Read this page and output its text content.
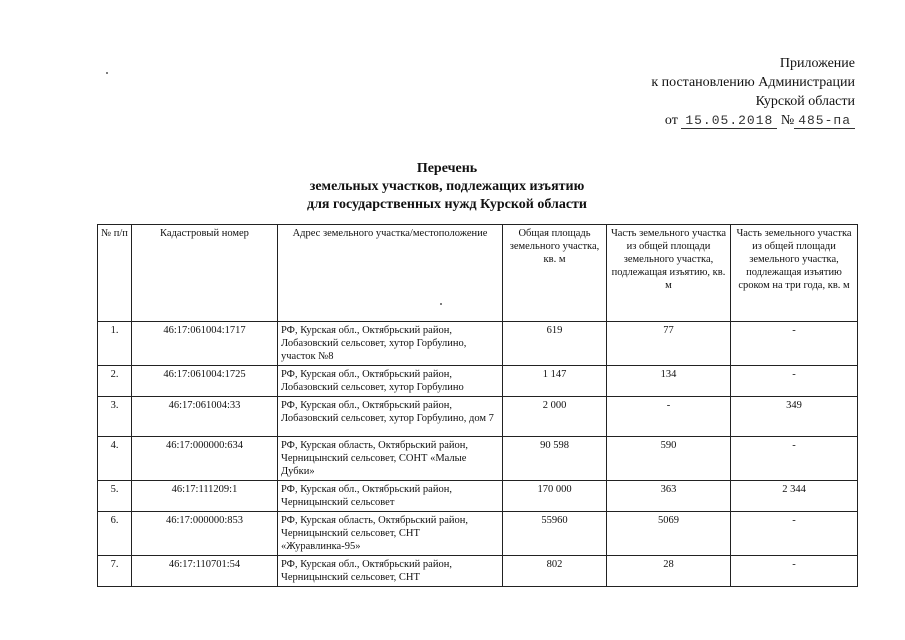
Приложение
к постановлению Администрации
Курской области
от 15.05.2018 № 485-па
Перечень
земельных участков, подлежащих изъятию
для государственных нужд Курской области
№ п/п	Кадастровый номер	Адрес земельного участка/местоположение	Общая площадь земельного участка, кв. м	Часть земельного участка из общей площади земельного участка, подлежащая изъятию, кв. м	Часть земельного участка из общей площади земельного участка, подлежащая изъятию сроком на три года, кв. м
1.	46:17:061004:1717	РФ, Курская обл., Октябрьский район, Лобазовский сельсовет, хутор Горбулино, участок №8	619	77	-
2.	46:17:061004:1725	РФ, Курская обл., Октябрьский район, Лобазовский сельсовет, хутор Горбулино	1 147	134	-
3.	46:17:061004:33	РФ, Курская обл., Октябрьский район, Лобазовский сельсовет, хутор Горбулино, дом 7	2 000	-	349
4.	46:17:000000:634	РФ, Курская область, Октябрьский район, Черницынский сельсовет, СОНТ «Малые Дубки»	90 598	590	-
5.	46:17:111209:1	РФ, Курская обл., Октябрьский район, Черницынский сельсовет	170 000	363	2 344
6.	46:17:000000:853	РФ, Курская область, Октябрьский район, Черницынский сельсовет, СНТ «Журавлинка-95»	55960	5069	-
7.	46:17:110701:54	РФ, Курская обл., Октябрьский район, Черницынский сельсовет, СНТ	802	28	-
